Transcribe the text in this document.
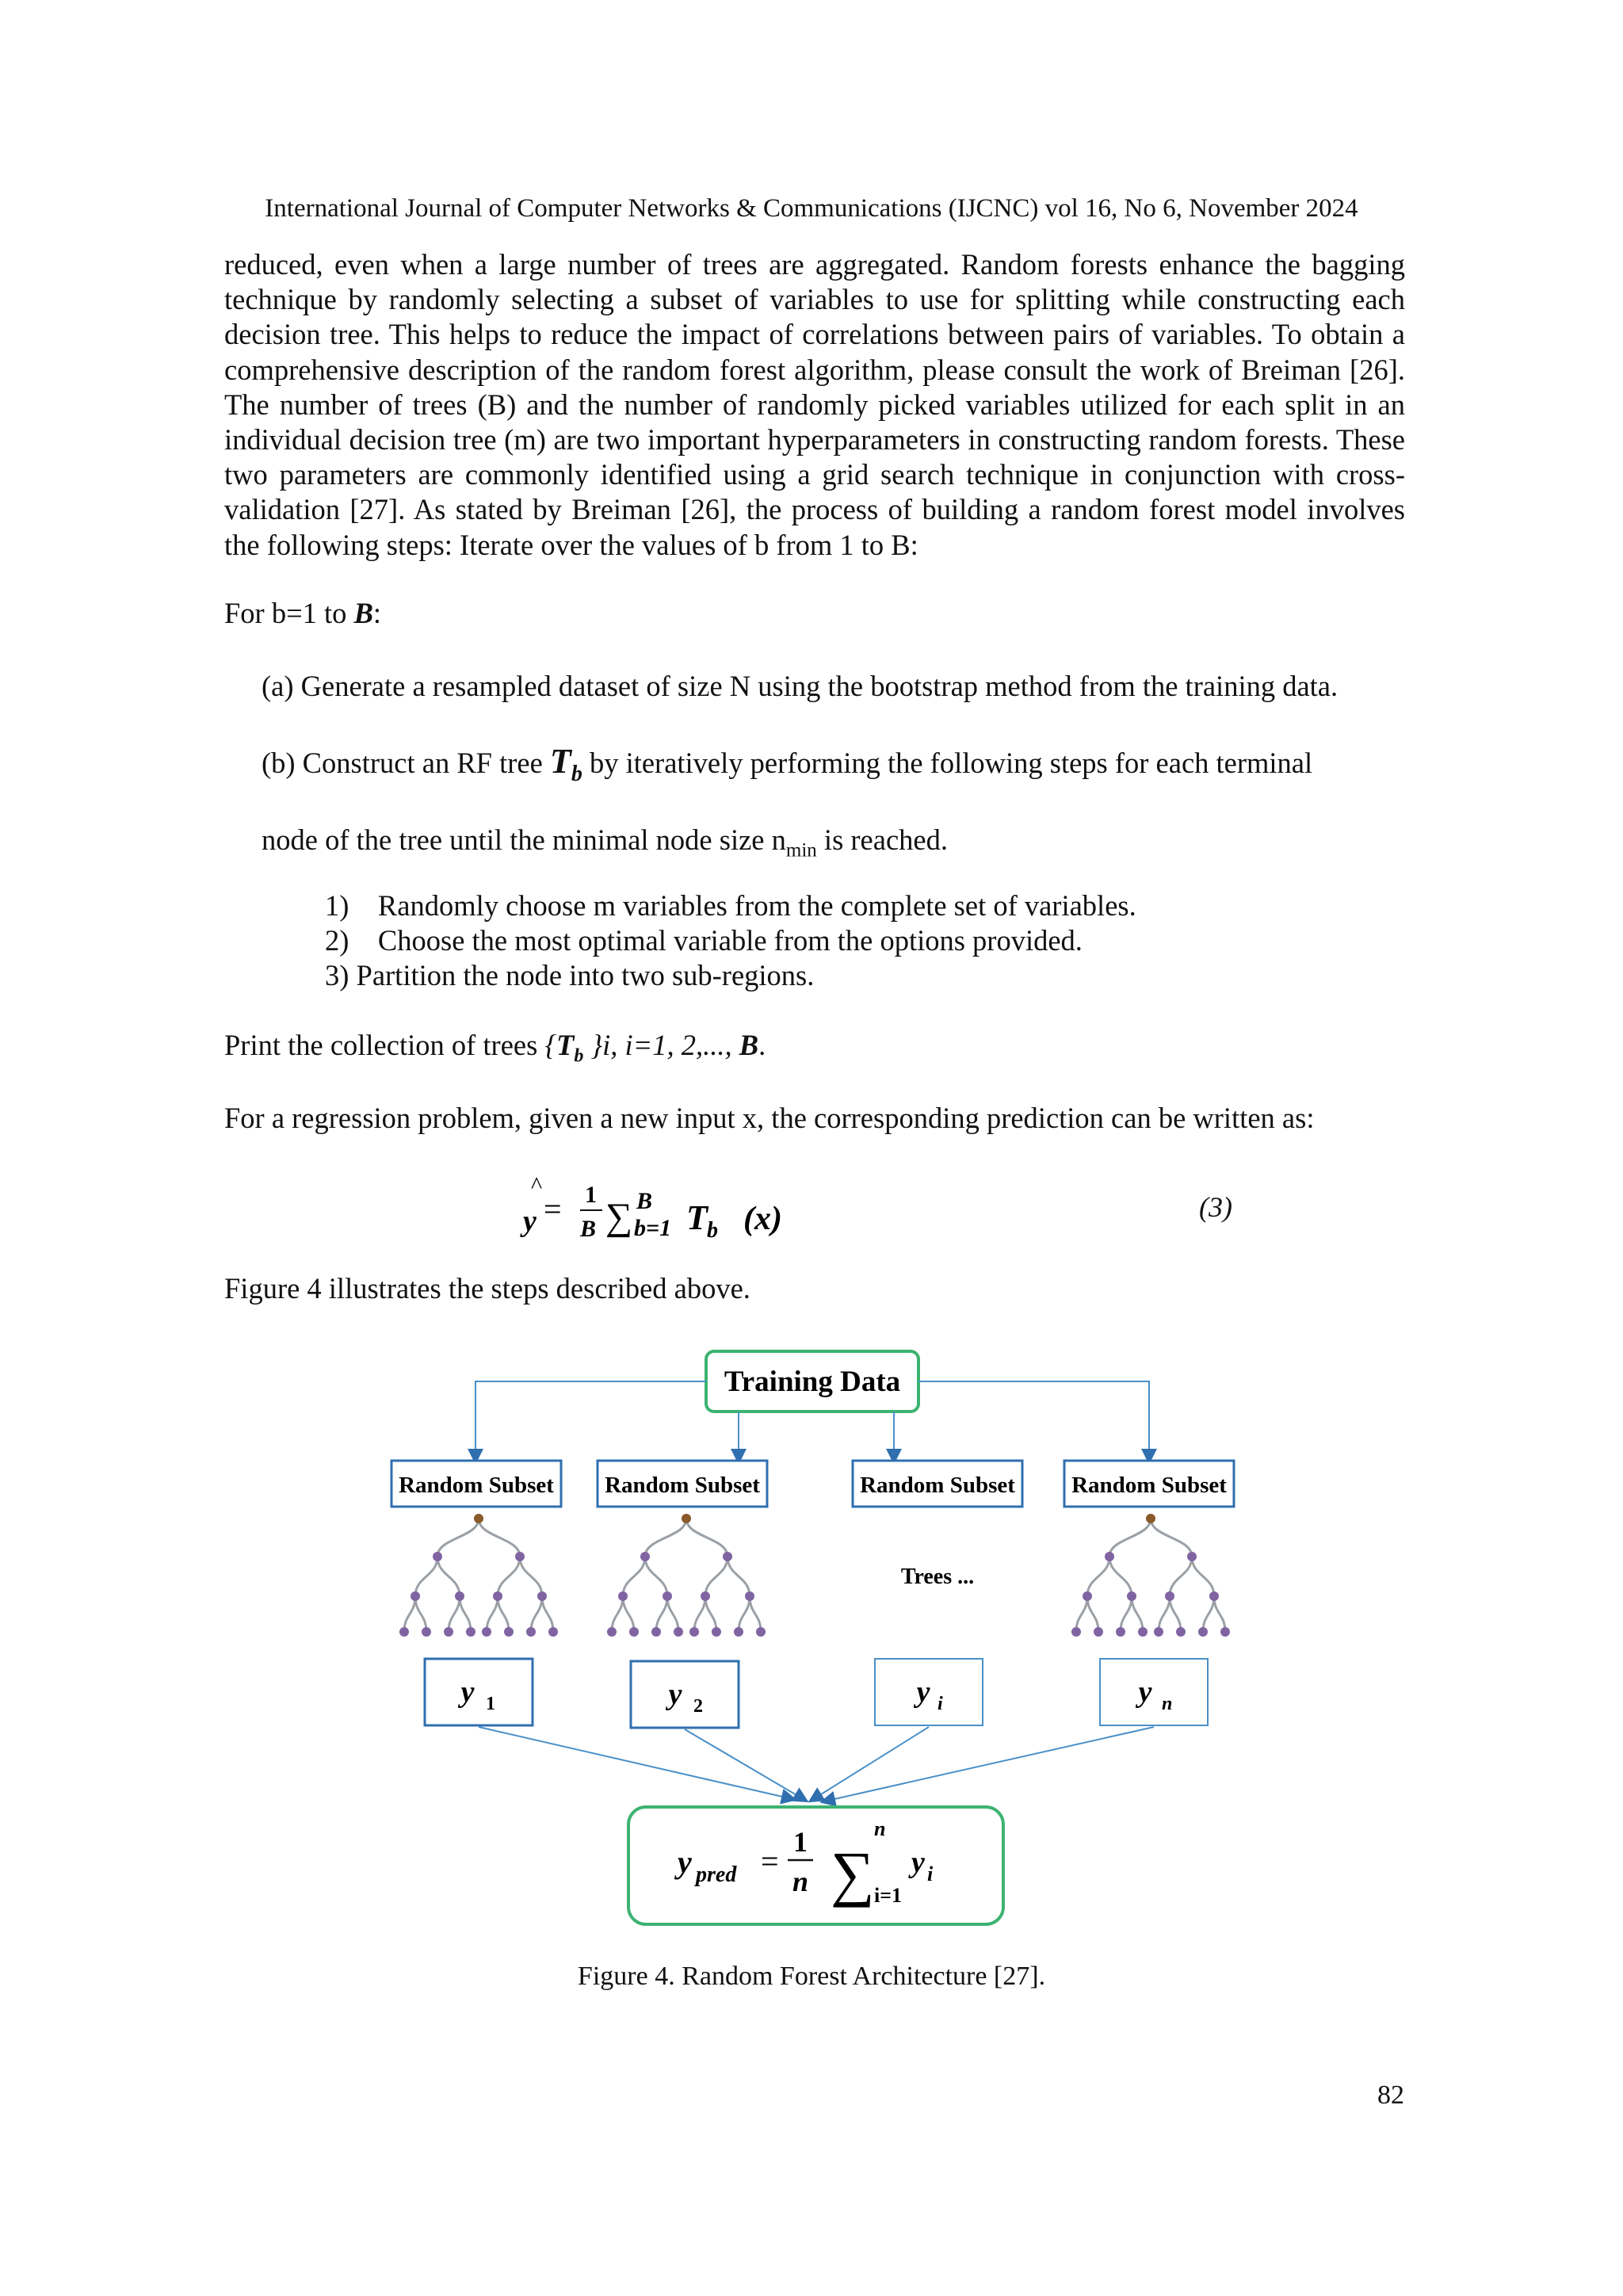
International Journal of Computer Networks & Communications (IJCNC) vol 16, No 6, November 2024
reduced, even when a large number of trees are aggregated. Random forests enhance the bagging technique by randomly selecting a subset of variables to use for splitting while constructing each decision tree. This helps to reduce the impact of correlations between pairs of variables. To obtain a comprehensive description of the random forest algorithm, please consult the work of Breiman [26]. The number of trees (B) and the number of randomly picked variables utilized for each split in an individual decision tree (m) are two important hyperparameters in constructing random forests. These two parameters are commonly identified using a grid search technique in conjunction with cross-validation [27]. As stated by Breiman [26], the process of building a random forest model involves the following steps: Iterate over the values of b from 1 to B:
For b=1 to B:
(a) Generate a resampled dataset of size N using the bootstrap method from the training data.
(b) Construct an RF tree $T_b$ by iteratively performing the following steps for each terminal
node of the tree until the minimal node size $n_{min}$ is reached.
1) Randomly choose m variables from the complete set of variables.
2) Choose the most optimal variable from the options provided.
3) Partition the node into two sub-regions.
Print the collection of trees {$T_b$ }i, i=1, 2,..., B.
For a regression problem, given a new input x, the corresponding prediction can be written as:
^
y = 1
B ∑ B
b=1 T b (x)	(3)
Figure 4 illustrates the steps described above.
Training Data
Random Subset Random Subset	Random Subset Random Subset
Trees ...
y 1	y 2	y i	y n
y pred =
1
n ∑
n
i=1
y i
Figure 4. Random Forest Architecture [27].
82
